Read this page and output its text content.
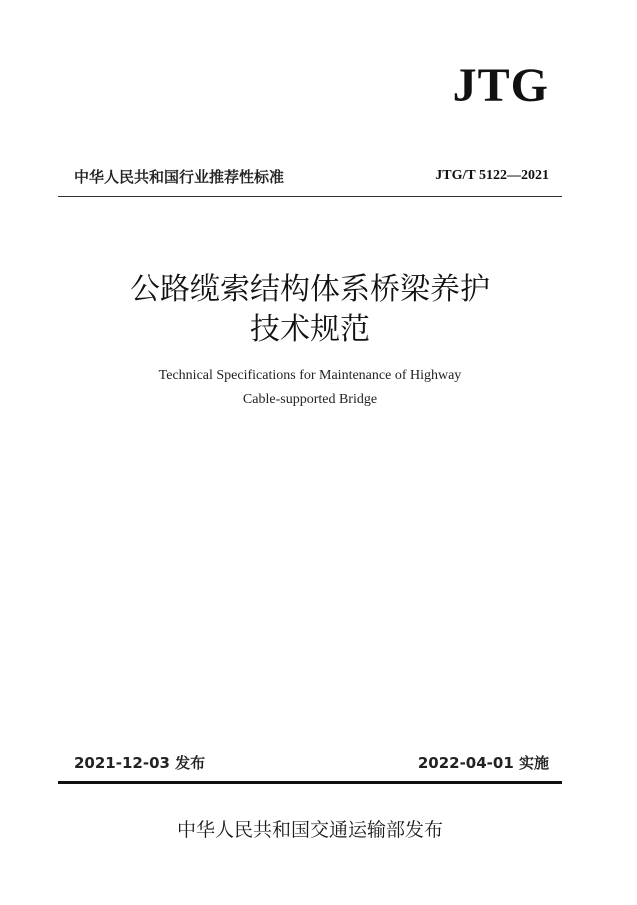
JTG
中华人民共和国行业推荐性标准	JTG/T 5122—2021
公路缆索结构体系桥梁养护
技术规范
Technical Specifications for Maintenance of Highway
Cable-supported Bridge
2021-12-03 发布	2022-04-01 实施
中华人民共和国交通运输部发布
